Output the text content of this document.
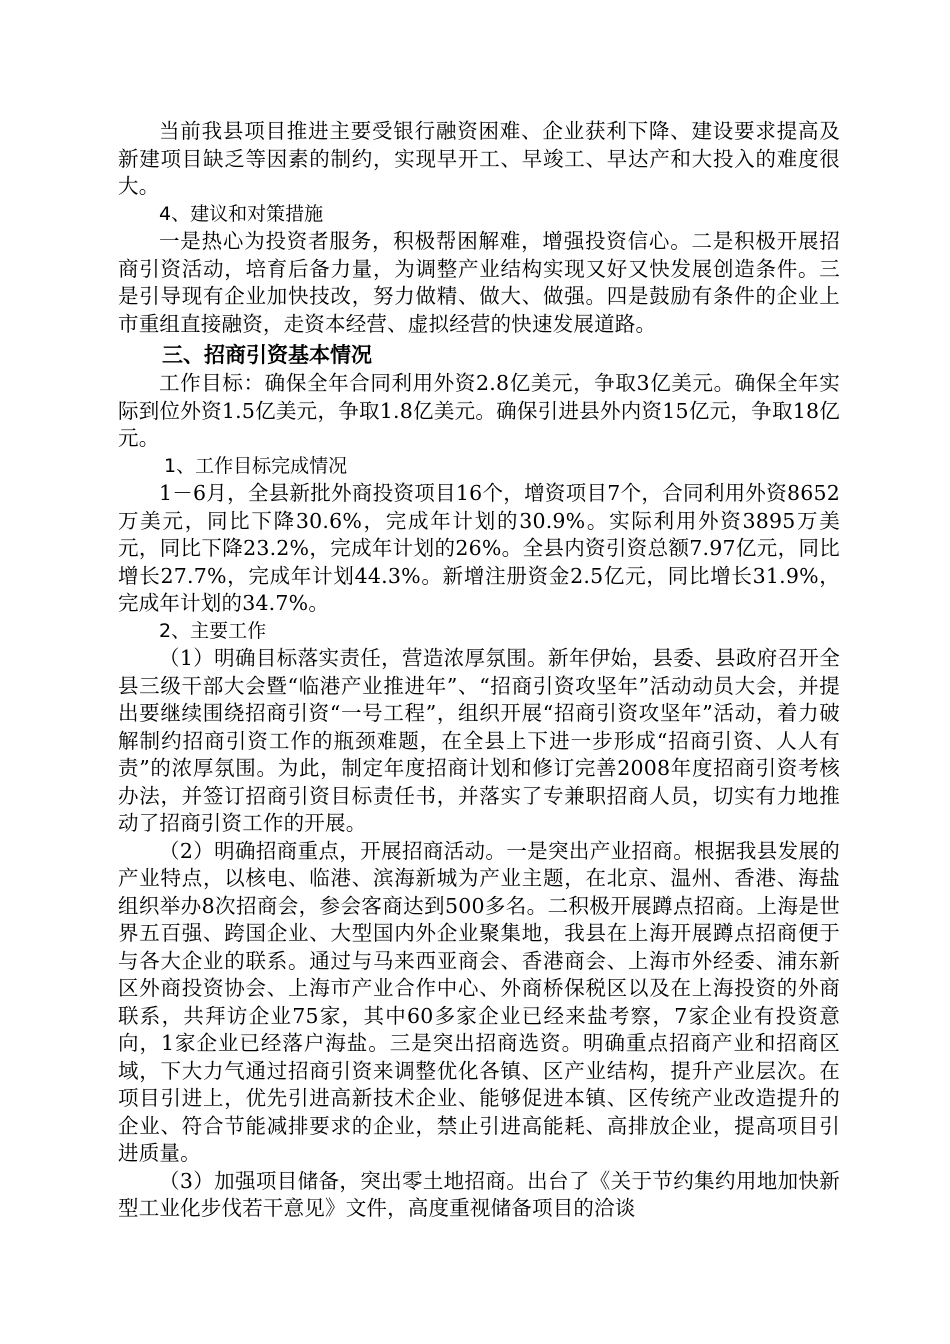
当前我县项目推进主要受银行融资困难、企业获利下降、建设要求提高及新建项目缺乏等因素的制约，实现早开工、早竣工、早达产和大投入的难度很大。

4、建议和对策措施

一是热心为投资者服务，积极帮困解难，增强投资信心。二是积极开展招商引资活动，培育后备力量，为调整产业结构实现又好又快发展创造条件。三是引导现有企业加快技改，努力做精、做大、做强。四是鼓励有条件的企业上市重组直接融资，走资本经营、虚拟经营的快速发展道路。

三、招商引资基本情况

工作目标：确保全年合同利用外资2.8亿美元，争取3亿美元。确保全年实际到位外资1.5亿美元，争取1.8亿美元。确保引进县外内资15亿元，争取18亿元。

1、工作目标完成情况

1－6月，全县新批外商投资项目16个，增资项目7个，合同利用外资8652万美元，同比下降30.6%，完成年计划的30.9%。实际利用外资3895万美元，同比下降23.2%，完成年计划的26%。全县内资引资总额7.97亿元，同比增长27.7%，完成年计划44.3%。新增注册资金2.5亿元，同比增长31.9%，完成年计划的34.7%。

2、主要工作

（1）明确目标落实责任，营造浓厚氛围。新年伊始，县委、县政府召开全县三级干部大会暨“临港产业推进年”、“招商引资攻坚年”活动动员大会，并提出要继续围绕招商引资“一号工程”，组织开展“招商引资攻坚年”活动，着力破解制约招商引资工作的瓶颈难题，在全县上下进一步形成“招商引资、人人有责”的浓厚氛围。为此，制定年度招商计划和修订完善2008年度招商引资考核办法，并签订招商引资目标责任书，并落实了专兼职招商人员，切实有力地推动了招商引资工作的开展。

（2）明确招商重点，开展招商活动。一是突出产业招商。根据我县发展的产业特点，以核电、临港、滨海新城为产业主题，在北京、温州、香港、海盐组织举办8次招商会，参会客商达到500多名。二积极开展蹲点招商。上海是世界五百强、跨国企业、大型国内外企业聚集地，我县在上海开展蹲点招商便于与各大企业的联系。通过与马来西亚商会、香港商会、上海市外经委、浦东新区外商投资协会、上海市产业合作中心、外商桥保税区以及在上海投资的外商联系，共拜访企业75家，其中60多家企业已经来盐考察，7家企业有投资意向，1家企业已经落户海盐。三是突出招商选资。明确重点招商产业和招商区域，下大力气通过招商引资来调整优化各镇、区产业结构，提升产业层次。在项目引进上，优先引进高新技术企业、能够促进本镇、区传统产业改造提升的企业、符合节能减排要求的企业，禁止引进高能耗、高排放企业，提高项目引进质量。

（3）加强项目储备，突出零土地招商。出台了《关于节约集约用地加快新型工业化步伐若干意见》文件，高度重视储备项目的洽谈
